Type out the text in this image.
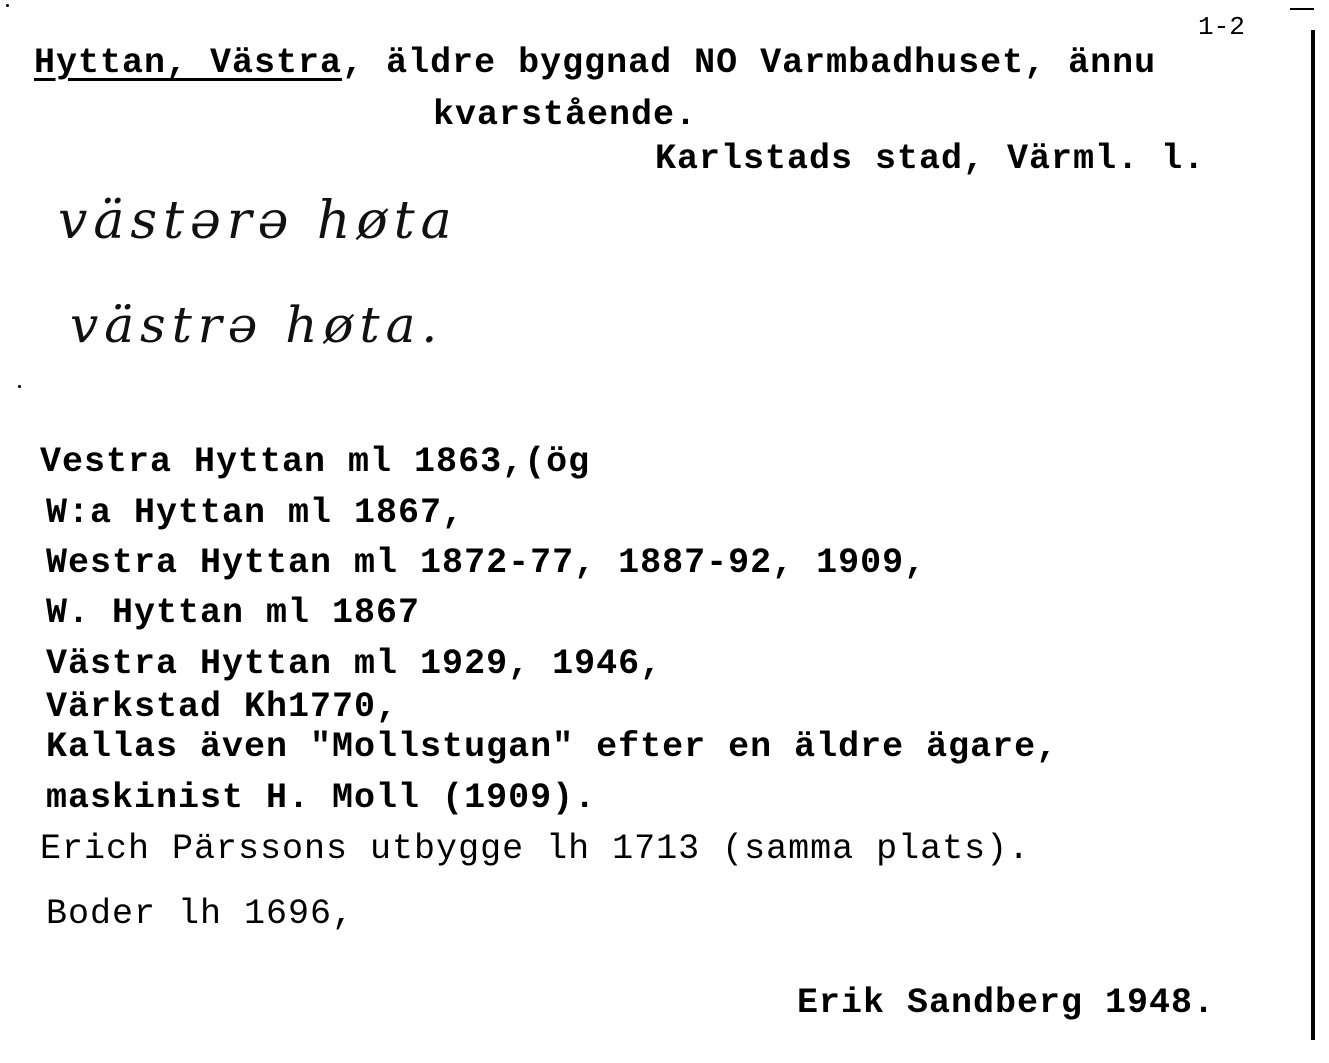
1-2
Hyttan, Västra, äldre byggnad NO Varmbadhuset, ännu
kvarstående.
Karlstads stad, Värml. l.
västərə høta
västrə høta.
Vestra Hyttan ml 1863,(ög
W:a Hyttan ml 1867,
Westra Hyttan ml 1872-77, 1887-92, 1909,
W. Hyttan ml 1867
Västra Hyttan ml 1929, 1946,
Värkstad Kh1770,
Kallas även "Mollstugan" efter en äldre ägare,
maskinist H. Moll (1909).
Erich Pärssons utbygge lh 1713 (samma plats).
Boder lh 1696,
Erik Sandberg 1948.
